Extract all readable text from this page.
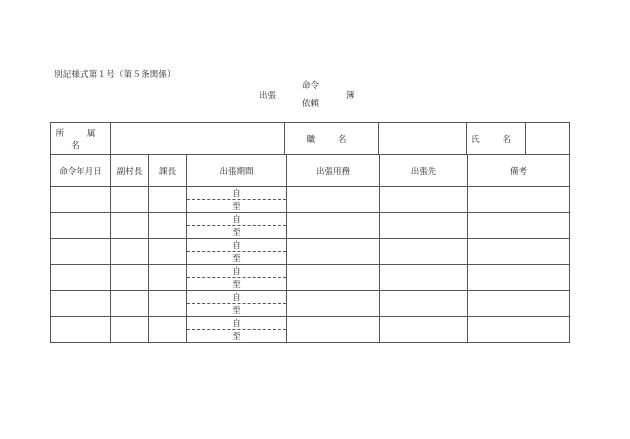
別記様式第１号（第５条関係）
出張
命令
依頼
簿
所 属 名		職 名		氏 名
命令年月日	副村長	課長	出張期間	出張用務	出張先	備考
			自			
			至			
			自			
			至			
			自			
			至			
			自			
			至			
			自			
			至			
			自			
			至			
